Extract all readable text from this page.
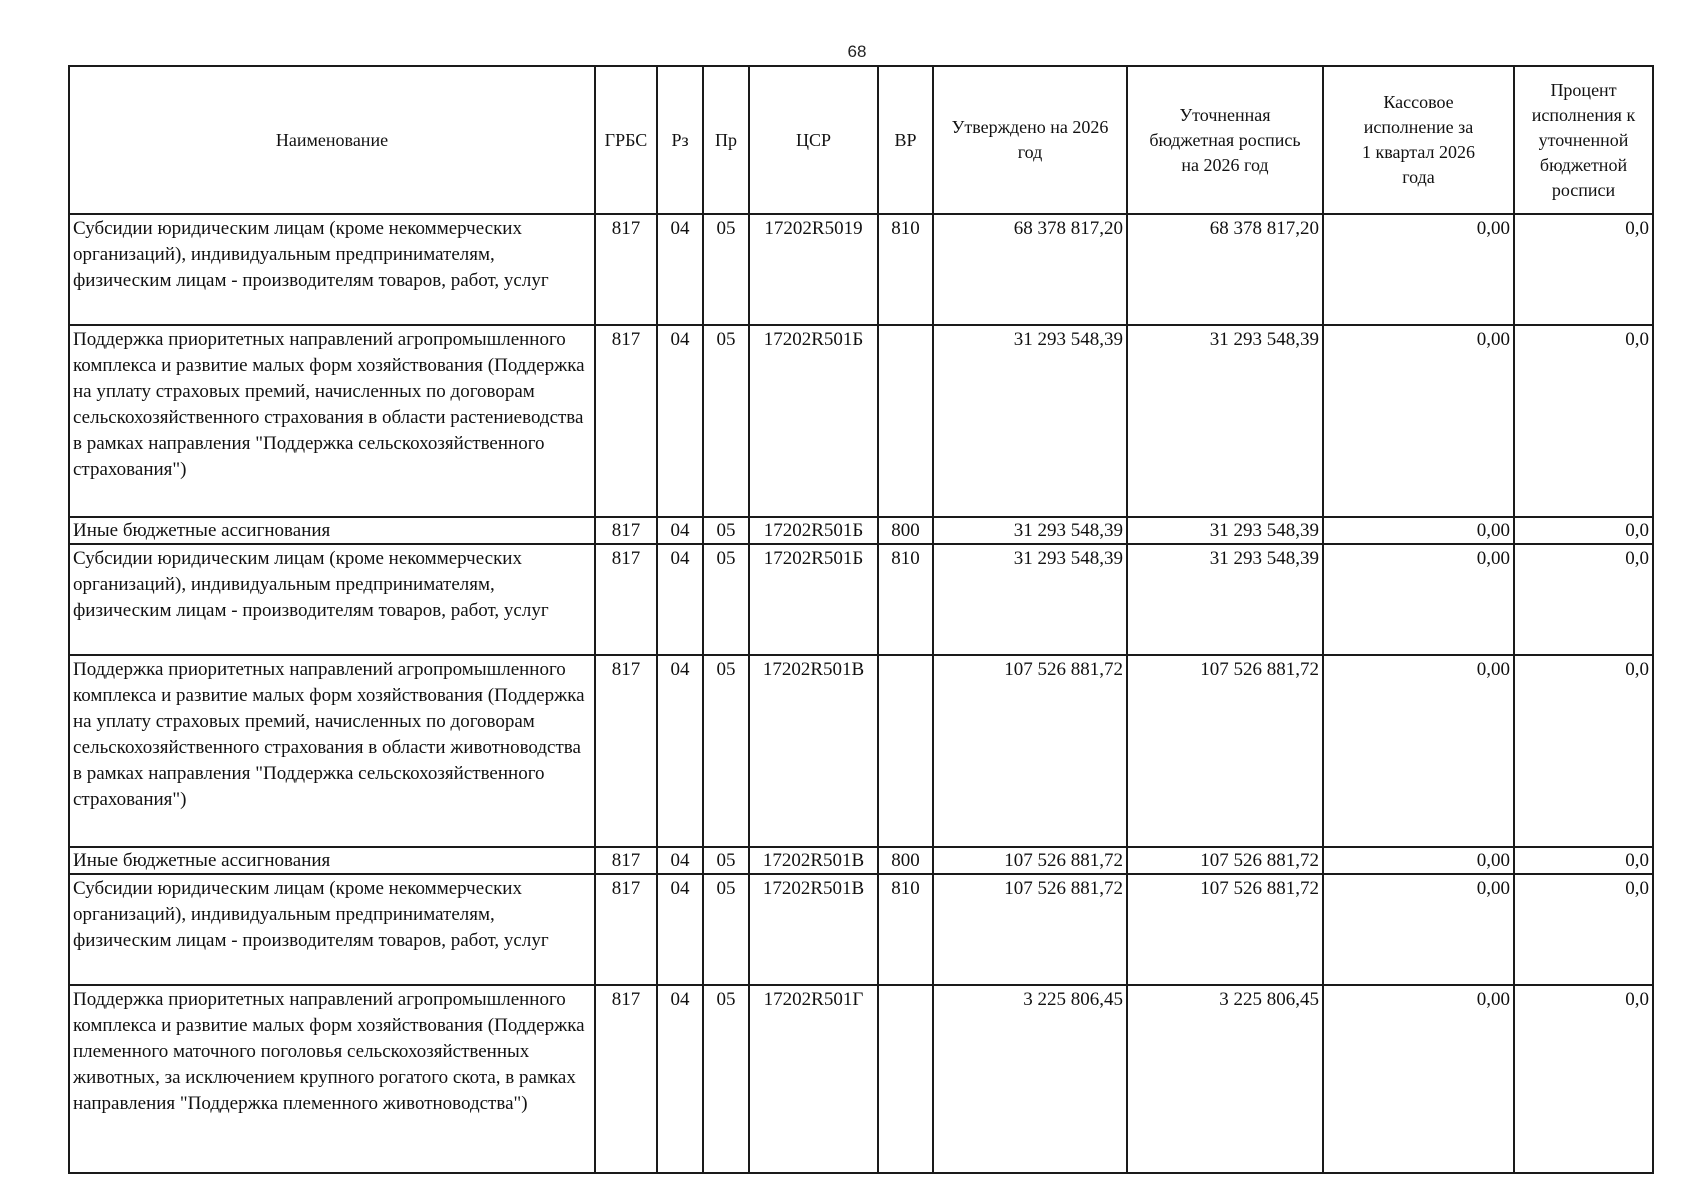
68
Наименование	ГРБС	Рз	Пр	ЦСР	ВР	Утверждено на 2026 год	Уточненная бюджетная роспись на 2026 год	Кассовое исполнение за 1 квартал 2026 года	Процент исполнения к уточненной бюджетной росписи
Субсидии юридическим лицам (кроме некоммерческих организаций), индивидуальным предпринимателям, физическим лицам - производителям товаров, работ, услуг	817	04	05	17202R5019	810	68 378 817,20	68 378 817,20	0,00	0,0
Поддержка приоритетных направлений агропромышленного комплекса и развитие малых форм хозяйствования (Поддержка на уплату страховых премий, начисленных по договорам сельскохозяйственного страхования в области растениеводства в рамках направления "Поддержка сельскохозяйственного страхования")	817	04	05	17202R501Б		31 293 548,39	31 293 548,39	0,00	0,0
Иные бюджетные ассигнования	817	04	05	17202R501Б	800	31 293 548,39	31 293 548,39	0,00	0,0
Субсидии юридическим лицам (кроме некоммерческих организаций), индивидуальным предпринимателям, физическим лицам - производителям товаров, работ, услуг	817	04	05	17202R501Б	810	31 293 548,39	31 293 548,39	0,00	0,0
Поддержка приоритетных направлений агропромышленного комплекса и развитие малых форм хозяйствования (Поддержка на уплату страховых премий, начисленных по договорам сельскохозяйственного страхования в области животноводства в рамках направления "Поддержка сельскохозяйственного страхования")	817	04	05	17202R501В		107 526 881,72	107 526 881,72	0,00	0,0
Иные бюджетные ассигнования	817	04	05	17202R501В	800	107 526 881,72	107 526 881,72	0,00	0,0
Субсидии юридическим лицам (кроме некоммерческих организаций), индивидуальным предпринимателям, физическим лицам - производителям товаров, работ, услуг	817	04	05	17202R501В	810	107 526 881,72	107 526 881,72	0,00	0,0
Поддержка приоритетных направлений агропромышленного комплекса и развитие малых форм хозяйствования (Поддержка племенного маточного поголовья сельскохозяйственных животных, за исключением крупного рогатого скота, в рамках направления "Поддержка племенного животноводства")	817	04	05	17202R501Г		3 225 806,45	3 225 806,45	0,00	0,0
